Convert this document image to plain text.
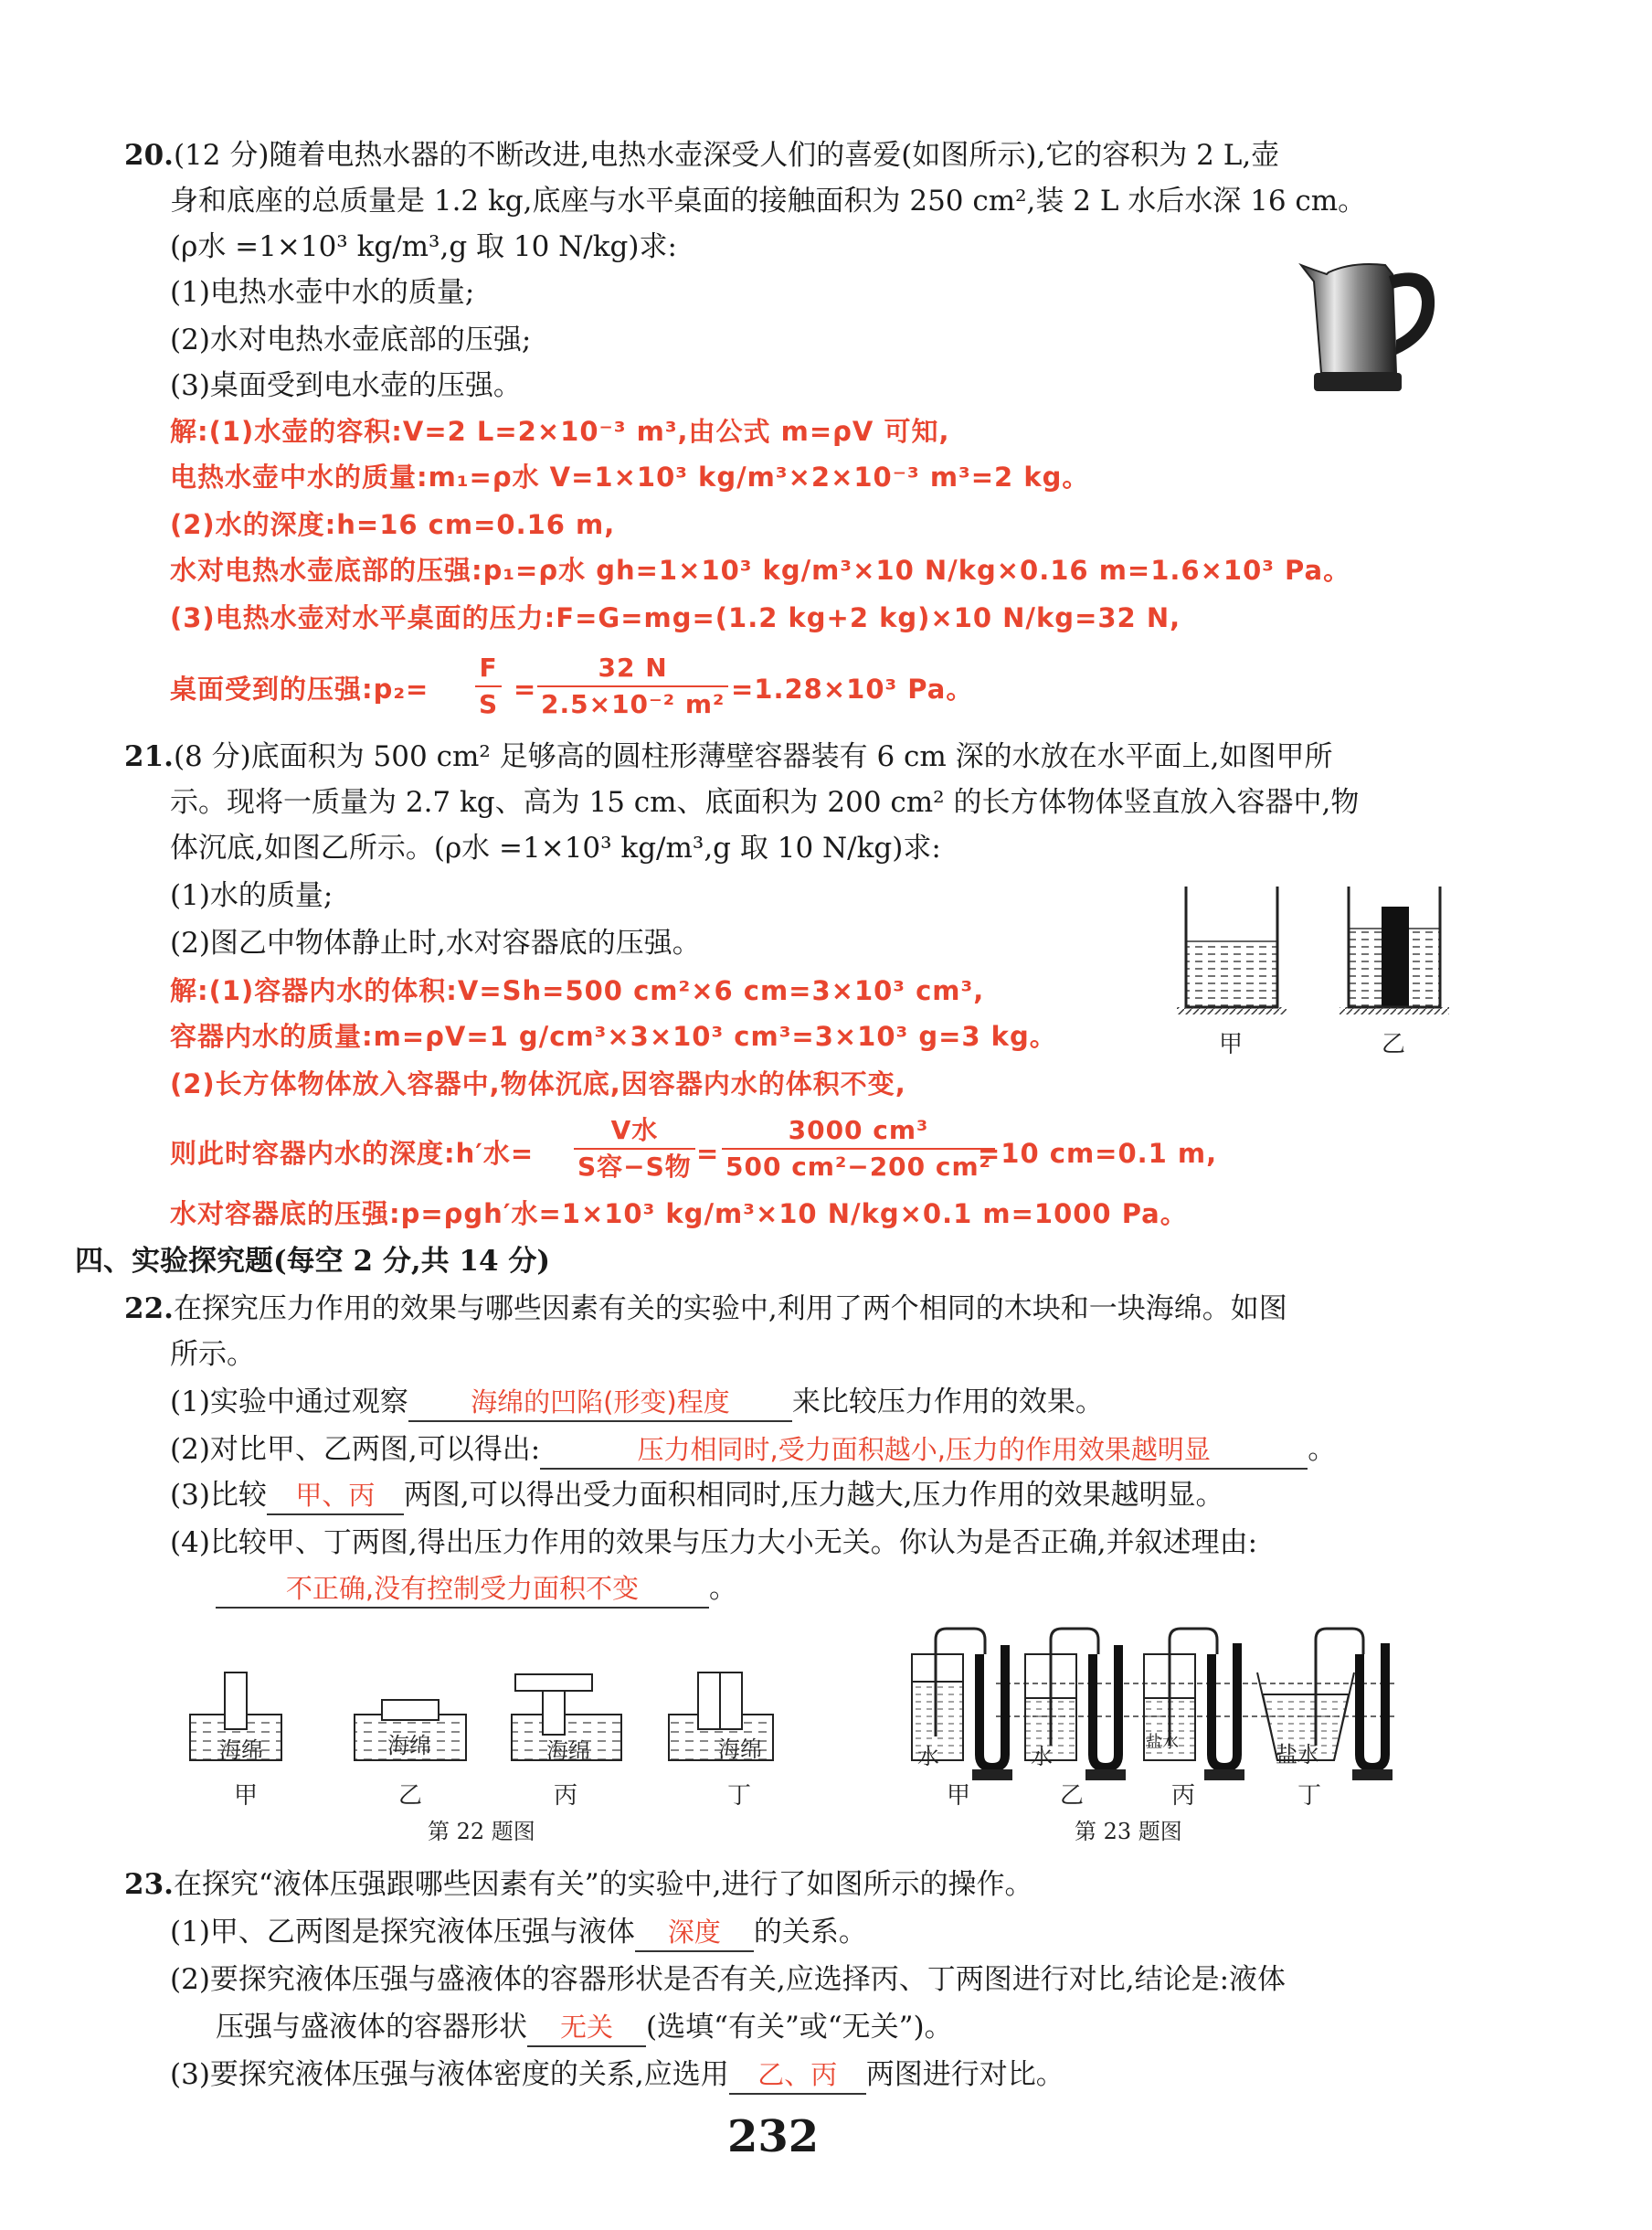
20.(12 分)随着电热水器的不断改进,电热水壶深受人们的喜爱(如图所示),它的容积为 2 L,壶
身和底座的总质量是 1.2 kg,底座与水平桌面的接触面积为 250 cm²,装 2 L 水后水深 16 cm。
(ρ水 =1×10³ kg/m³,g 取 10 N/kg)求:
(1)电热水壶中水的质量;
(2)水对电热水壶底部的压强;
(3)桌面受到电水壶的压强。
解:(1)水壶的容积:V=2 L=2×10⁻³ m³,由公式 m=ρV 可知,
电热水壶中水的质量:m₁=ρ水 V=1×10³ kg/m³×2×10⁻³ m³=2 kg。
(2)水的深度:h=16 cm=0.16 m,
水对电热水壶底部的压强:p₁=ρ水 gh=1×10³ kg/m³×10 N/kg×0.16 m=1.6×10³ Pa。
(3)电热水壶对水平桌面的压力:F=G=mg=(1.2 kg+2 kg)×10 N/kg=32 N,
桌面受到的压强:p₂= $\frac{F}{S} = \frac{32 N}{\text{2.5×10⁻² m²}} =1.28\times 10^3$ Pa。
21.(8 分)底面积为 500 cm² 足够高的圆柱形薄壁容器装有 6 cm 深的水放在水平面上,如图甲所
示。现将一质量为 2.7 kg、高为 15 cm、底面积为 200 cm² 的长方体物体竖直放入容器中,物
体沉底,如图乙所示。(ρ水 =1×10³ kg/m³,g 取 10 N/kg)求:
(1)水的质量;
(2)图乙中物体静止时,水对容器底的压强。
甲	乙
解:(1)容器内水的体积:V=Sh=500 cm²×6 cm=3×10³ cm³,
容器内水的质量:m=ρV=1 g/cm³×3×10³ cm³=3×10³ g=3 kg。
(2)长方体物体放入容器中,物体沉底,因容器内水的体积不变,
则此时容器内水的深度:h′水=
V水
S容−S物 = $\frac{\text{3000 cm³}}{\text{500 cm²−200 cm²}}$
=10 cm=0.1 m,
水对容器底的压强:p=ρgh′水=1×10³ kg/m³×10 N/kg×0.1 m=1000 Pa。
四、实验探究题(每空 2 分,共 14 分)
22.在探究压力作用的效果与哪些因素有关的实验中,利用了两个相同的木块和一块海绵。如图
所示。
(1)实验中通过观察 海绵的凹陷(形变)程度 来比较压力作用的效果。
(2)对比甲、乙两图,可以得出:	压力相同时,受力面积越小,压力的作用效果越明显	。
(3)比较 甲、丙 两图,可以得出受力面积相同时,压力越大,压力作用的效果越明显。
(4)比较甲、丁两图,得出压力作用的效果与压力大小无关。你认为是否正确,并叙述理由:
不正确,没有控制受力面积不变 。
海绵	海绵	海绵	海绵
甲	乙	丙	丁
第 22 题图
水	水
盐水	盐水
甲	乙	丙	丁
第 23 题图
23.在探究“液体压强跟哪些因素有关”的实验中,进行了如图所示的操作。
(1)甲、乙两图是探究液体压强与液体 深度 的关系。
(2)要探究液体压强与盛液体的容器形状是否有关,应选择丙、丁两图进行对比,结论是:液体
压强与盛液体的容器形状 无关 (选填“有关”或“无关”)。
(3)要探究液体压强与液体密度的关系,应选用 乙、丙 两图进行对比。
232
